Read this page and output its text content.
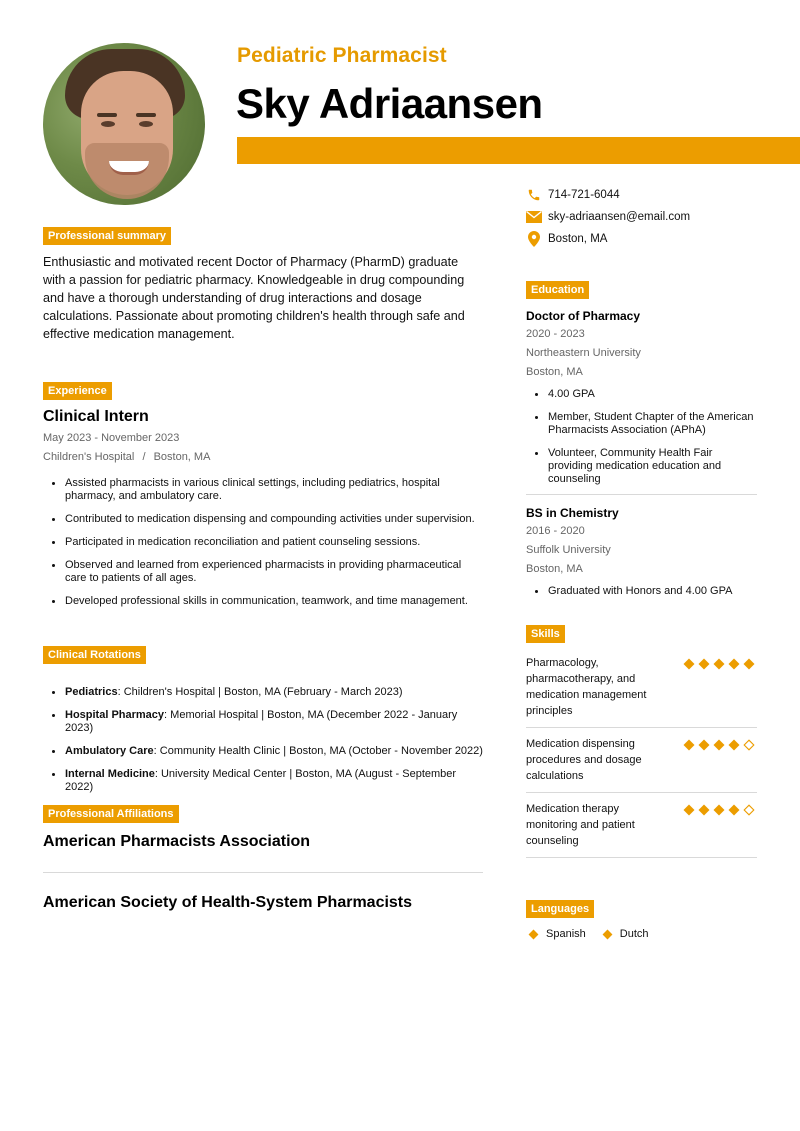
Pediatric Pharmacist
Sky Adriaansen
714-721-6044
sky-adriaansen@email.com
Boston, MA
Professional summary

Enthusiastic and motivated recent Doctor of Pharmacy (PharmD) graduate with a passion for pediatric pharmacy. Knowledgeable in drug compounding and have a thorough understanding of drug interactions and dosage calculations. Passionate about promoting children's health through safe and effective medication management.

Experience
Clinical Intern
May 2023 - November 2023
Children's Hospital / Boston, MA
Assisted pharmacists in various clinical settings, including pediatrics, hospital pharmacy, and ambulatory care.
Contributed to medication dispensing and compounding activities under supervision.
Participated in medication reconciliation and patient counseling sessions.
Observed and learned from experienced pharmacists in providing pharmaceutical care to patients of all ages.
Developed professional skills in communication, teamwork, and time management.
Clinical Rotations
Pediatrics: Children's Hospital | Boston, MA (February - March 2023)
Hospital Pharmacy: Memorial Hospital | Boston, MA (December 2022 - January 2023)
Ambulatory Care: Community Health Clinic | Boston, MA (October - November 2022)
Internal Medicine: University Medical Center | Boston, MA (August - September 2022)
Professional Affiliations
American Pharmacists Association
American Society of Health-System Pharmacists
Education
Doctor of Pharmacy
2020 - 2023
Northeastern University
Boston, MA
4.00 GPA
Member, Student Chapter of the American Pharmacists Association (APhA)
Volunteer, Community Health Fair providing medication education and counseling
BS in Chemistry
2016 - 2020
Suffolk University
Boston, MA
Graduated with Honors and 4.00 GPA
Skills
Pharmacology, pharmacotherapy, and medication management principles
Medication dispensing procedures and dosage calculations
Medication therapy monitoring and patient counseling
Languages
Spanish	Dutch
